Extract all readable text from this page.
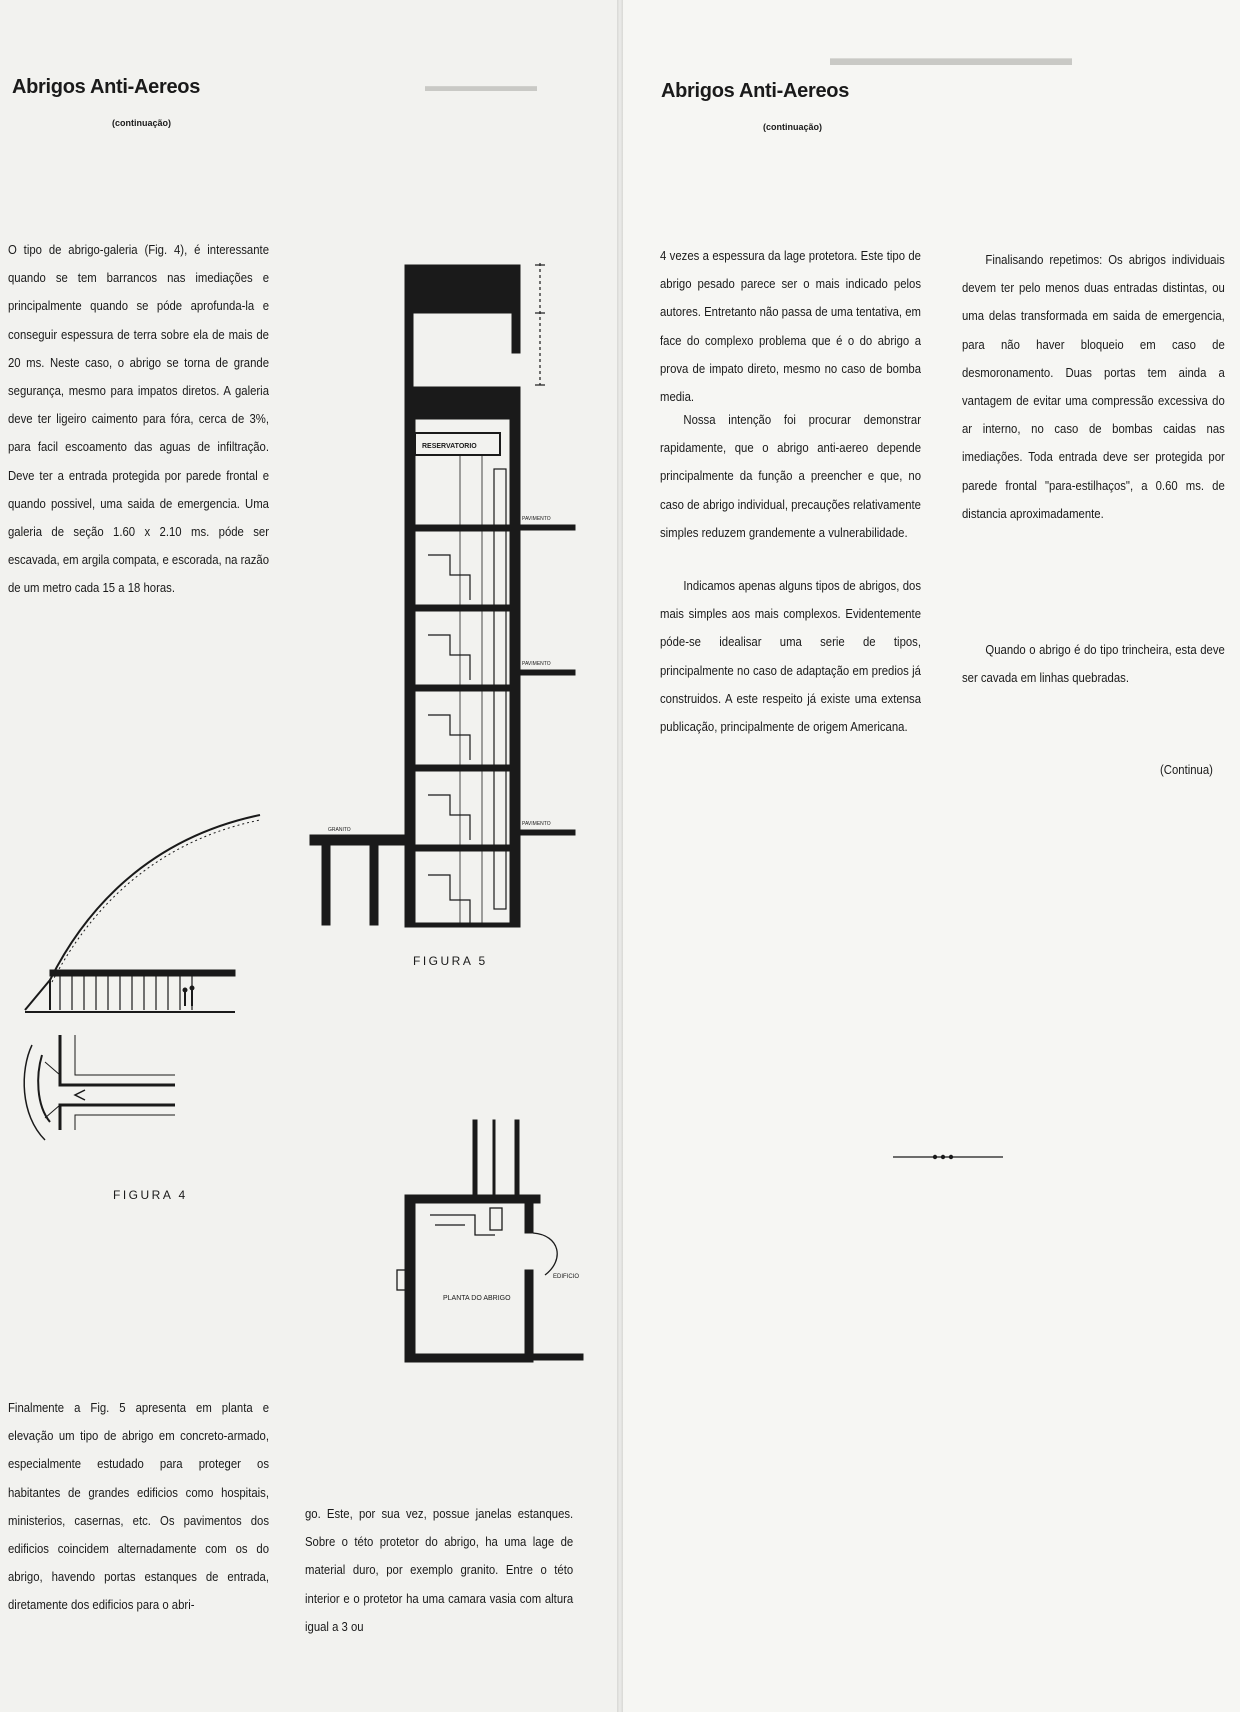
▬▬▬▬▬▬▬
▬▬▬▬▬▬▬▬▬▬▬
Abrigos Anti-Aereos
(continuação)

O tipo de abrigo-galeria (Fig. 4), é interessante quando se tem barrancos nas imediações e principalmente quando se póde aprofunda-la e conseguir espessura de terra sobre ela de mais de 20 ms. Neste caso, o abrigo se torna de grande segurança, mesmo para impatos diretos. A galeria deve ter ligeiro caimento para fóra, cerca de 3%, para facil escoamento das aguas de infiltração. Deve ter a entrada protegida por parede frontal e quando possivel, uma saida de emergencia. Uma galeria de seção 1.60 x 2.10 ms. póde ser escavada, em argila compata, e escorada, na razão de um metro cada 15 a 18 horas.

Finalmente a Fig. 5 apresenta em planta e elevação um tipo de abrigo em concreto-armado, especialmente estudado para proteger os habitantes de grandes edificios como hospitais, ministerios, casernas, etc. Os pavimentos dos edificios coincidem alternadamente com os do abrigo, havendo portas estanques de entrada, diretamente dos edificios para o abri-

go. Este, por sua vez, possue janelas estanques. Sobre o této protetor do abrigo, ha uma lage de material duro, por exemplo granito. Entre o této interior e o protetor ha uma camara vasia com altura igual a 3 ou

FIGURA 4
RESERVATORIO
PAVIMENTO
PAVIMENTO
PAVIMENTO
GRANITO
FIGURA 5
PLANTA DO ABRIGO
EDIFICIO
Abrigos Anti-Aereos
(continuação)

4 vezes a espessura da lage protetora. Este tipo de abrigo pesado parece ser o mais indicado pelos autores. Entretanto não passa de uma tentativa, em face do complexo problema que é o do abrigo a prova de impato direto, mesmo no caso de bomba media.

Nossa intenção foi procurar demonstrar rapidamente, que o abrigo anti-aereo depende principalmente da função a preencher e que, no caso de abrigo individual, precauções relativamente simples reduzem grandemente a vulnerabilidade.

Indicamos apenas alguns tipos de abrigos, dos mais simples aos mais complexos. Evidentemente póde-se idealisar uma serie de tipos, principalmente no caso de adaptação em predios já construidos. A este respeito já existe uma extensa publicação, principalmente de origem Americana.

Finalisando repetimos: Os abrigos individuais devem ter pelo menos duas entradas distintas, ou uma delas transformada em saida de emergencia, para não haver bloqueio em caso de desmoronamento. Duas portas tem ainda a vantagem de evitar uma compressão excessiva do ar interno, no caso de bombas caidas nas imediações. Toda entrada deve ser protegida por parede frontal "para-estilhaços", a 0.60 ms. de distancia aproximadamente.

Quando o abrigo é do tipo trincheira, esta deve ser cavada em linhas quebradas.

(Continua)
